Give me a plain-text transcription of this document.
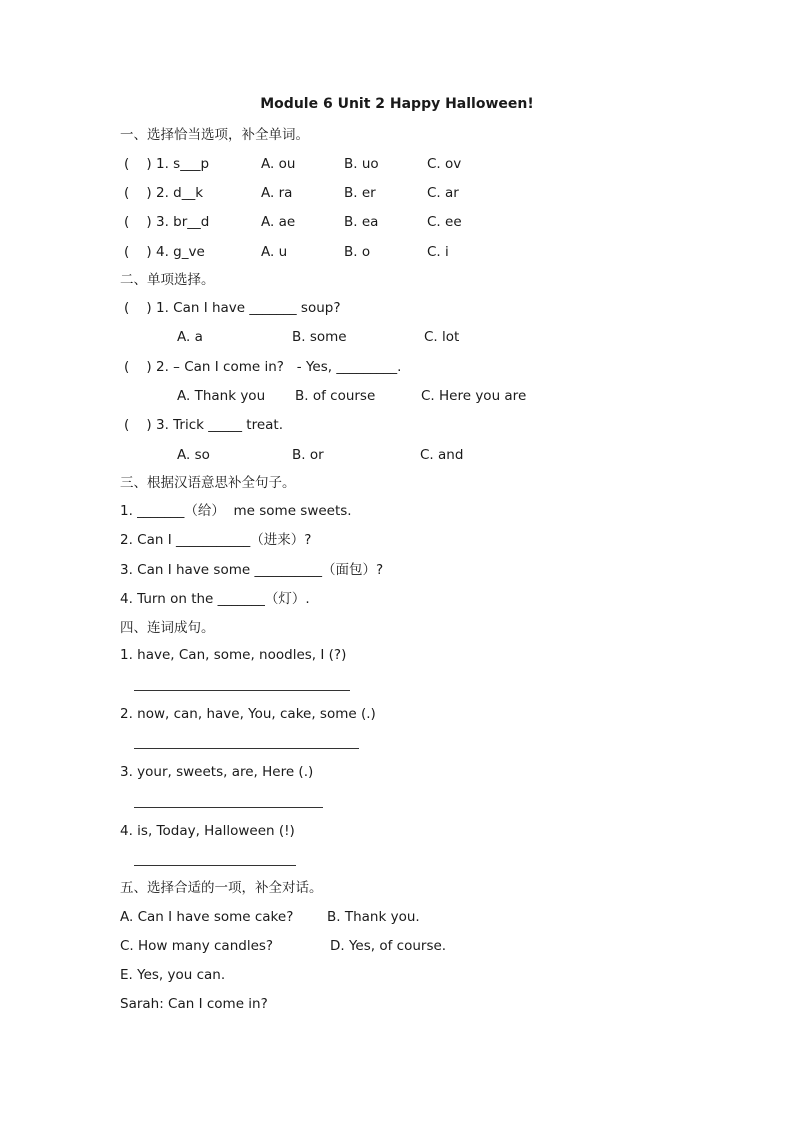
Module 6 Unit 2 Happy Halloween!
一、选择恰当选项，补全单词。
(    ) 1. s___p	A. ou	B. uo	C. ov
(    ) 2. d__k	A. ra	B. er	C. ar
(    ) 3. br__d	A. ae	B. ea	C. ee
(    ) 4. g_ve	A. u	B. o	C. i
二、单项选择。
(    ) 1. Can I have _______ soup?
A. a	B. some	C. lot
(    ) 2. – Can I come in?   - Yes, _________.
A. Thank you B. of course	C. Here you are
(    ) 3. Trick _____ treat.
A. so	B. or	C. and
三、根据汉语意思补全句子。
1. _______（给）  me some sweets.
2. Can I ___________（进来）?
3. Can I have some __________（面包）?
4. Turn on the _______（灯）.
四、连词成句。
1. have, Can, some, noodles, I (?)
2. now, can, have, You, cake, some (.)
3. your, sweets, are, Here (.)
4. is, Today, Halloween (!)
五、选择合适的一项，补全对话。
A. Can I have some cake? B. Thank you.
C. How many candles?	D. Yes, of course.
E. Yes, you can.
Sarah: Can I come in?
